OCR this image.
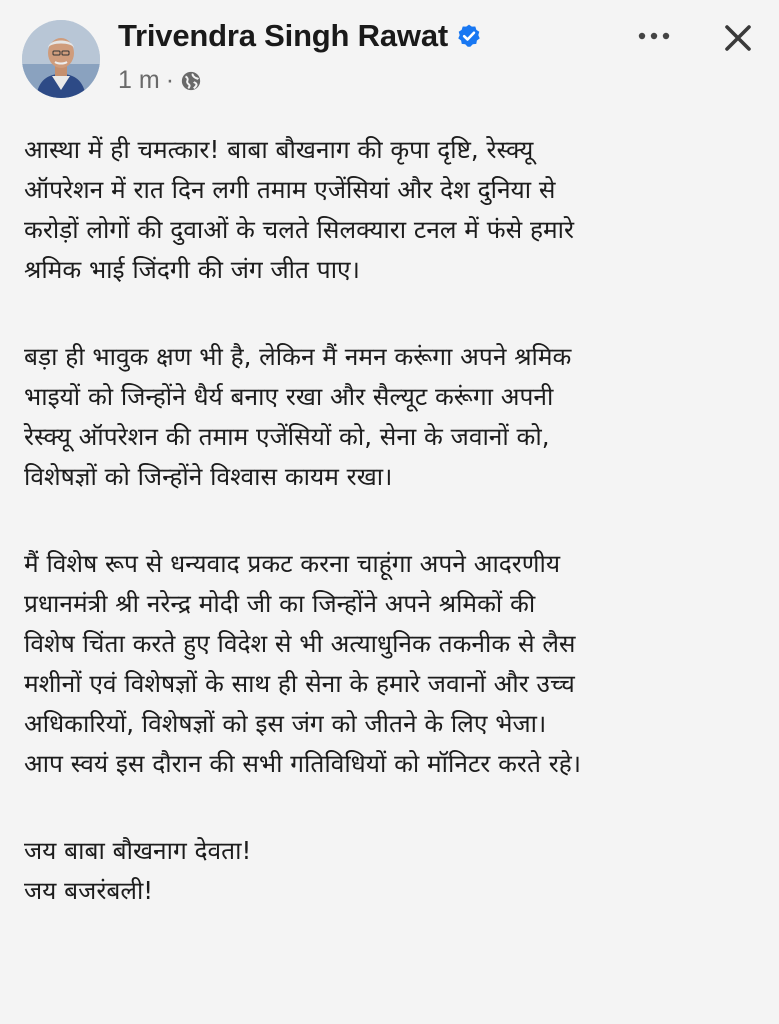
Trivendra Singh Rawat
1 m ·
आस्था में ही चमत्कार! बाबा बौखनाग की कृपा दृष्टि, रेस्क्यू
ऑपरेशन में रात दिन लगी तमाम एजेंसियां और देश दुनिया से
करोड़ों लोगों की दुवाओं के चलते सिलक्यारा टनल में फंसे हमारे
श्रमिक भाई जिंदगी की जंग जीत पाए।
बड़ा ही भावुक क्षण भी है, लेकिन मैं नमन करूंगा अपने श्रमिक
भाइयों को जिन्होंने धैर्य बनाए रखा और सैल्यूट करूंगा अपनी
रेस्क्यू ऑपरेशन की तमाम एजेंसियों को, सेना के जवानों को,
विशेषज्ञों को जिन्होंने विश्वास कायम रखा।
मैं विशेष रूप से धन्यवाद प्रकट करना चाहूंगा अपने आदरणीय
प्रधानमंत्री श्री नरेन्द्र मोदी जी का जिन्होंने अपने श्रमिकों की
विशेष चिंता करते हुए विदेश से भी अत्याधुनिक तकनीक से लैस
मशीनों एवं विशेषज्ञों के साथ ही सेना के हमारे जवानों और उच्च
अधिकारियों, विशेषज्ञों को इस जंग को जीतने के लिए भेजा।
आप स्वयं इस दौरान की सभी गतिविधियों को मॉनिटर करते रहे।
जय बाबा बौखनाग देवता!
जय बजरंबली!
